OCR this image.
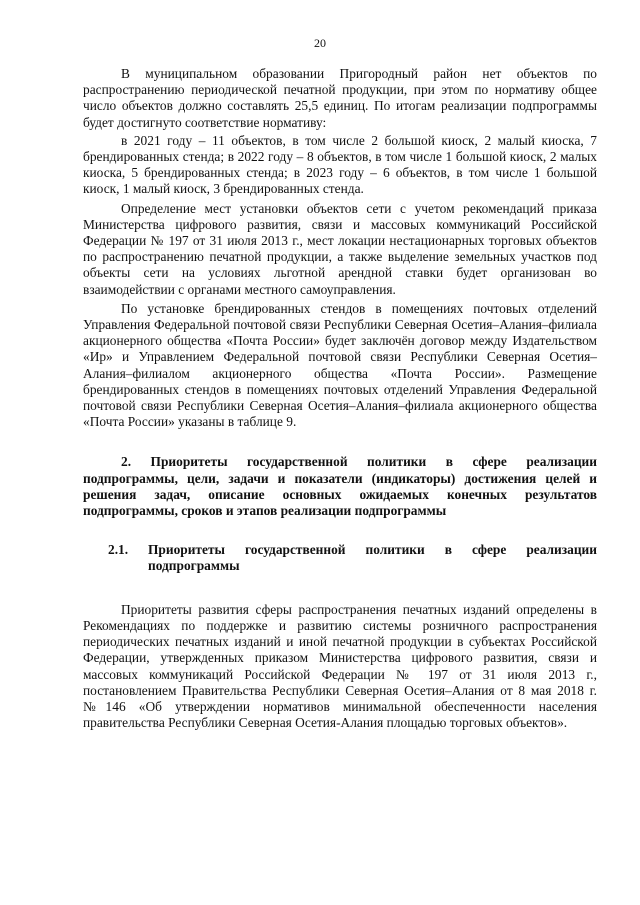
20

В муниципальном образовании Пригородный район нет объектов по распространению периодической печатной продукции, при этом по нормативу общее число объектов должно составлять 25,5 единиц. По итогам реализации подпрограммы будет достигнуто соответствие нормативу:

в 2021 году – 11 объектов, в том числе 2 большой киоск, 2 малый киоска, 7 брендированных стенда; в 2022 году – 8 объектов, в том числе 1 большой киоск, 2 малых киоска, 5 брендированных стенда; в 2023 году – 6 объектов, в том числе 1 большой киоск, 1 малый киоск, 3 брендированных стенда.

Определение мест установки объектов сети с учетом рекомендаций приказа Министерства цифрового развития, связи и массовых коммуникаций Российской Федерации № 197 от 31 июля 2013 г., мест локации нестационарных торговых объектов по распространению печатной продукции, а также выделение земельных участков под объекты сети на условиях льготной арендной ставки будет организован во взаимодействии с органами местного самоуправления.

По установке брендированных стендов в помещениях почтовых отделений Управления Федеральной почтовой связи Республики Северная Осетия–Алания–филиала акционерного общества «Почта России» будет заключён договор между Издательством «Ир» и Управлением Федеральной почтовой связи Республики Северная Осетия–Алания–филиалом акционерного общества «Почта России». Размещение брендированных стендов в помещениях почтовых отделений Управления Федеральной почтовой связи Республики Северная Осетия–Алания–филиала акционерного общества «Почта России» указаны в таблице 9.

2. Приоритеты государственной политики в сфере реализации подпрограммы, цели, задачи и показатели (индикаторы) достижения целей и решения задач, описание основных ожидаемых конечных результатов подпрограммы, сроков и этапов реализации подпрограммы
2.1.	Приоритеты государственной политики в сфере реализации подпрограммы

Приоритеты развития сферы распространения печатных изданий определены в Рекомендациях по поддержке и развитию системы розничного распространения периодических печатных изданий и иной печатной продукции в субъектах Российской Федерации, утвержденных приказом Министерства цифрового развития, связи и массовых коммуникаций Российской Федерации № 197 от 31 июля 2013 г., постановлением Правительства Республики Северная Осетия–Алания от 8 мая 2018 г. №146 «Об утверждении нормативов минимальной обеспеченности населения правительства Республики Северная Осетия-Алания площадью торговых объектов».
